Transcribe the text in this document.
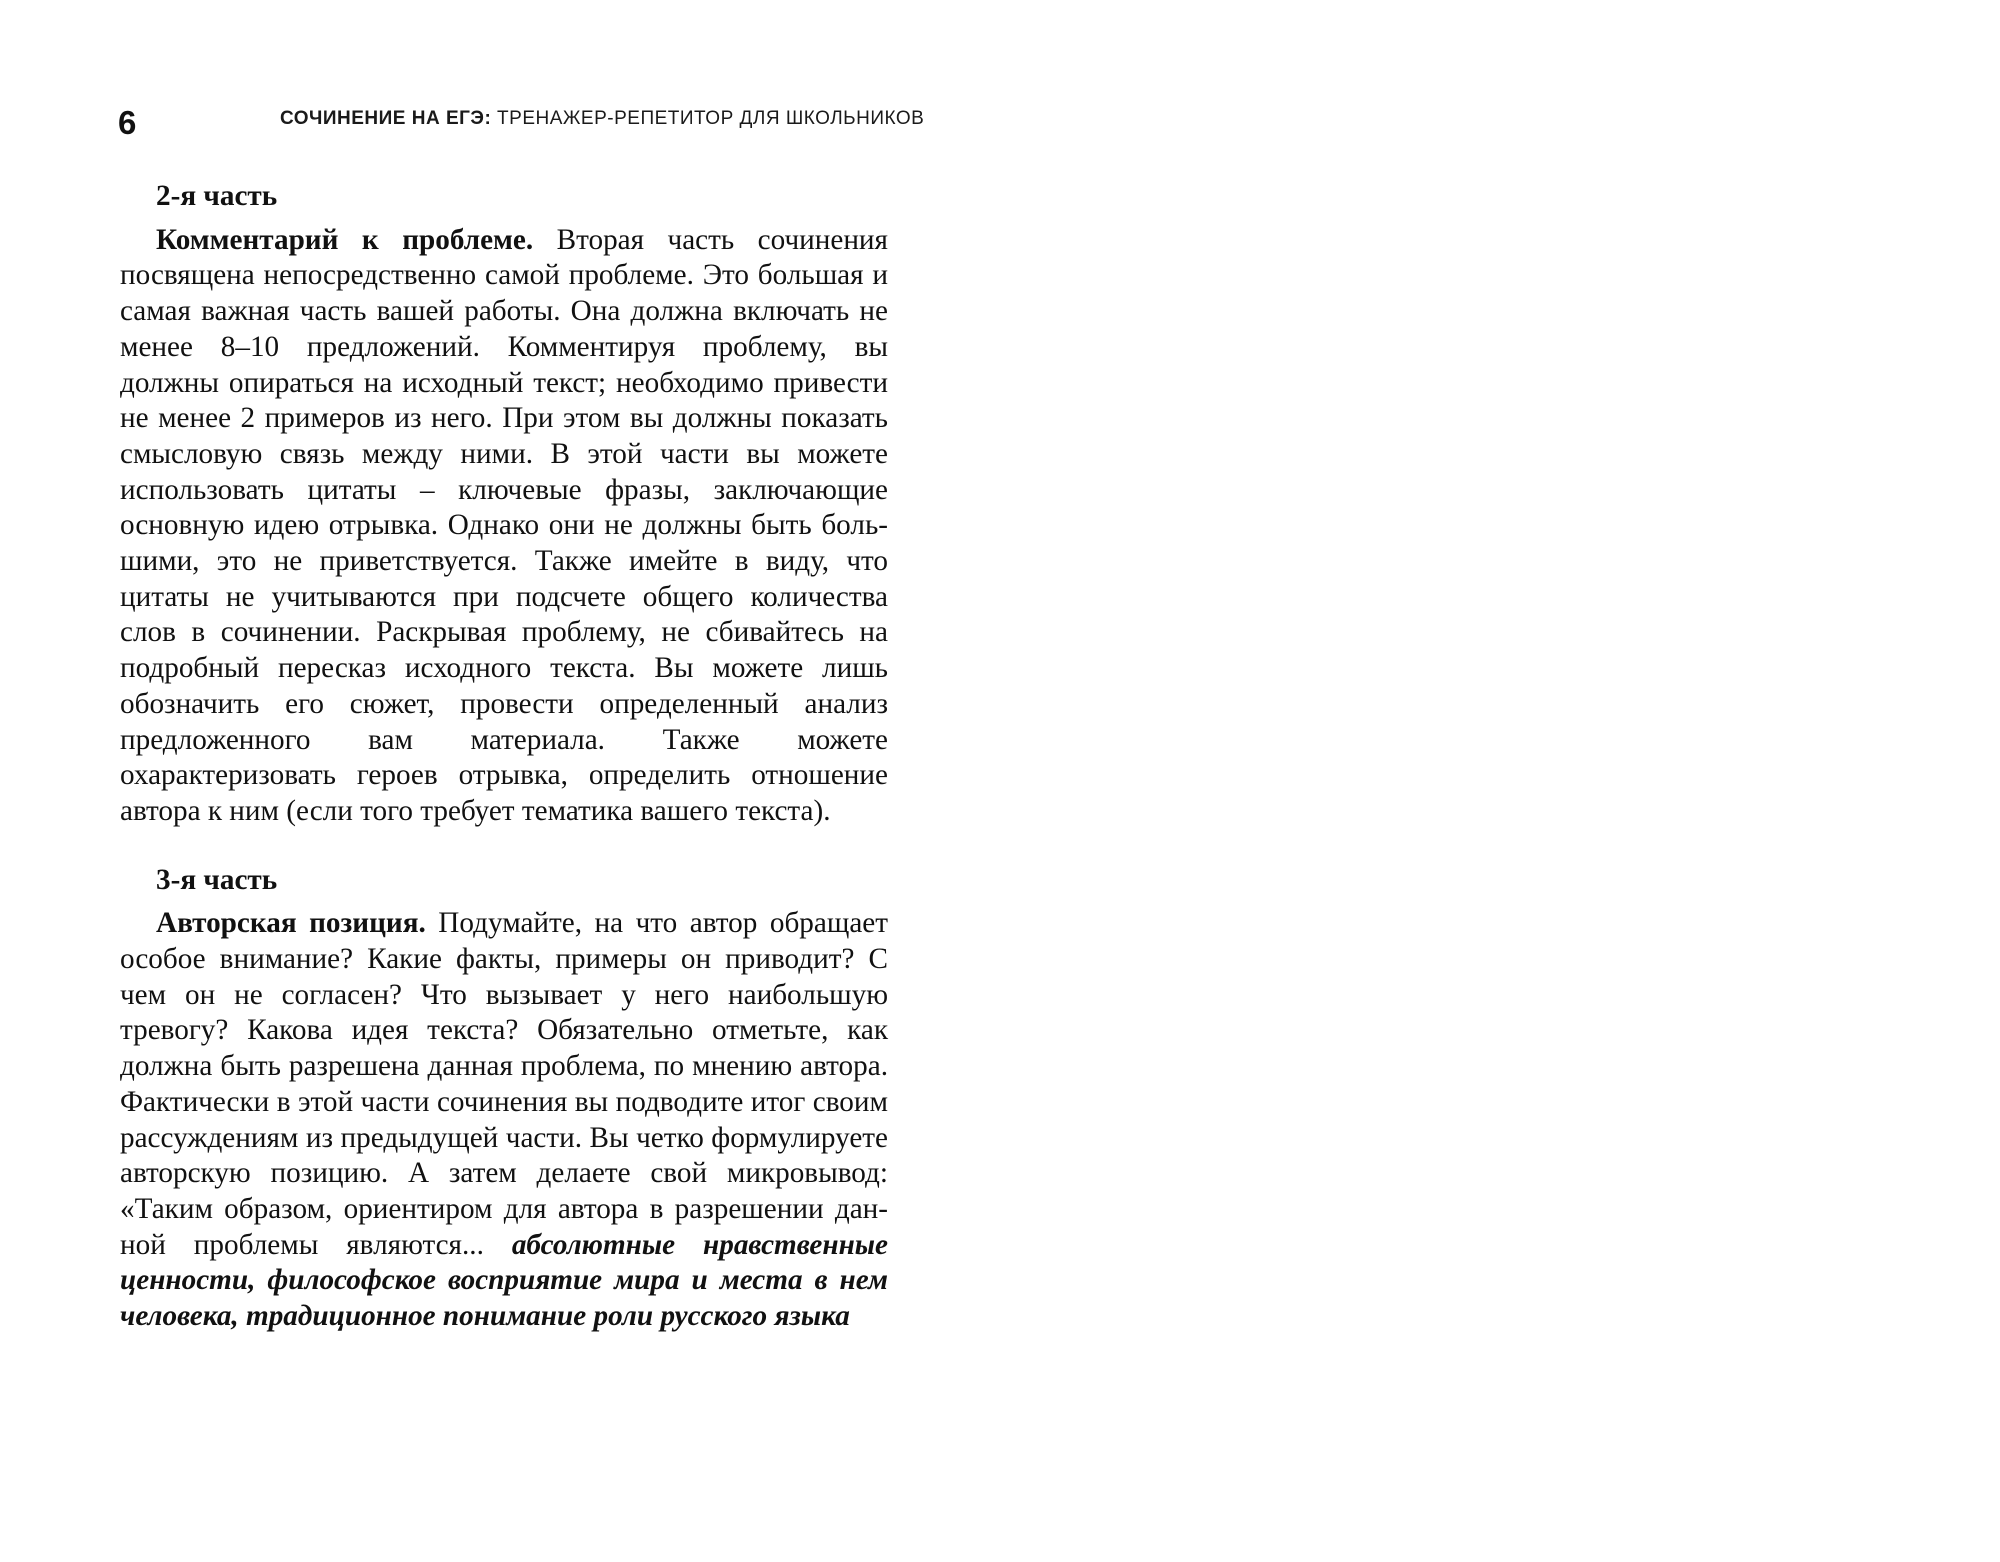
6	СОЧИНЕНИЕ НА ЕГЭ: ТРЕНАЖЕР-РЕПЕТИТОР ДЛЯ ШКОЛЬНИКОВ

2-я часть

Комментарий к проблеме. Вторая часть сочинения посвящена непосредственно самой проблеме. Это большая и самая важная часть вашей работы. Она должна включать не менее 8–10 предложений. Комментируя проблему, вы должны опираться на исходный текст; необходимо привести не менее 2 примеров из него. При этом вы должны показать смысловую связь между ними. В этой части вы можете использовать цитаты – ключевые фразы, заключающие основную идею отрывка. Однако они не должны быть большими, это не приветствуется. Также имейте в виду, что цитаты не учитываются при подсчете общего количества слов в сочинении. Раскрывая проблему, не сбивайтесь на подробный пересказ исходного текста. Вы можете лишь обозначить его сюжет, провести определенный анализ предложенного вам материала. Также можете охарактеризовать героев отрывка, определить отношение автора к ним (если того требует тематика вашего текста).

3-я часть

Авторская позиция. Подумайте, на что автор обращает особое внимание? Какие факты, примеры он приводит? С чем он не согласен? Что вызывает у него наибольшую тревогу? Какова идея текста? Обязательно отметьте, как должна быть разрешена данная проблема, по мнению автора. Фактически в этой части сочинения вы подводите итог своим рассуждениям из предыдущей части. Вы четко формулируете авторскую позицию. А затем делаете свой микровывод: «Таким образом, ориентиром для автора в разрешении данной проблемы являются... абсолютные нравственные ценности, философское восприятие мира и места в нем человека, традиционное понимание роли русского языка
